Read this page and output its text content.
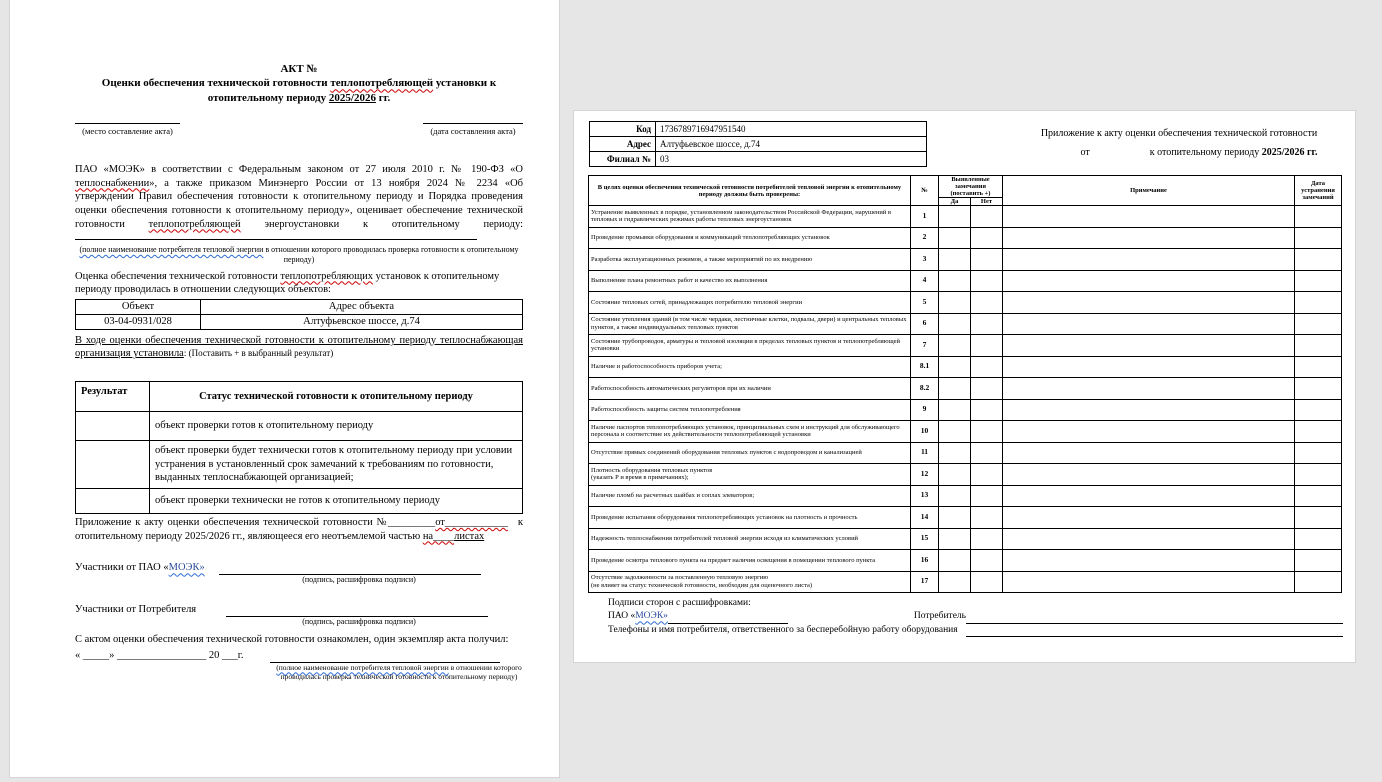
АКТ №
Оценки обеспечения технической готовности теплопотребляющей установки к
отопительному периоду 2025/2026 гг.
(место составление акта)	(дата составления акта)
ПАО «МОЭК» в соответствии с Федеральным законом от 27 июля 2010 г. № 190-ФЗ «О теплоснабжении», а также приказом Минэнерго России от 13 ноября 2024 № 2234 «Об утверждении Правил обеспечения готовности к отопительному периоду и Порядка проведения оценки обеспечения готовности к отопительному периоду», оценивает обеспечение технической готовности теплопотребляющей энергоустановки к отопительному периоду:
(полное наименование потребителя тепловой энергии в отношении которого проводилась проверка готовности к отопительному периоду)
Оценка обеспечения технической готовности теплопотребляющих установок к отопительному периоду проводилась в отношении следующих объектов:
Объект	Адрес объекта
03-04-0931/028	Алтуфьевское шоссе, д.74
В ходе оценки обеспечения технической готовности к отопительному периоду теплоснабжающая организация установила: (Поставить + в выбранный результат)
Результат	Статус технической готовности к отопительному периоду
	объект проверки готов к отопительному периоду
	объект проверки будет технически готов к отопительному периоду при условии устранения в установленный срок замечаний к требованиям по готовности, выданных теплоснабжающей организацией;
	объект проверки технически не готов к отопительному периоду
Приложение к акту оценки обеспечения технической готовности №_________от____________ к отопительному периоду 2025/2026 гг., являющееся его неотъемлемой частью на____листах
Участники от ПАО « МОЭК»
(подпись, расшифровка подписи)
Участники от Потребителя
(подпись, расшифровка подписи)
С актом оценки обеспечения технической готовности ознакомлен, один экземпляр акта получил:
« _____» _________________ 20 ___г.
(полное наименование потребителя тепловой энергии в отношении которого проводилась проверка технической готовности к отопительному периоду)
Код	1736789716947951540
Адрес	Алтуфьевское шоссе, д.74
Филиал №	03
Приложение к акту оценки обеспечения технической готовности
от	к отопительному периоду 2025/2026 гг.
В целях оценки обеспечения технической готовности потребителей тепловой энергии к отопительному периоду должны быть проверены:	№	Выявленные замечания (поставить +)		Примечание	Дата устранения замечаний
		Да	Нет		
Устранение выявленных в порядке, установленном законодательством Российской Федерации, нарушений в тепловых и гидравлических режимах работы тепловых энергоустановок	1				
Проведение промывки оборудования и коммуникаций теплопотребляющих установок	2				
Разработка эксплуатационных режимов, а также мероприятий по их внедрению	3				
Выполнение плана ремонтных работ и качество их выполнения	4				
Состояние тепловых сетей, принадлежащих потребителю тепловой энергии	5				
Состояние утепления зданий (в том числе чердаки, лестничные клетки, подвалы, двери) и центральных тепловых пунктов, а также индивидуальных тепловых пунктов	6				
Состояние трубопроводов, арматуры и тепловой изоляции в пределах тепловых пунктов и теплопотребляющей установки	7				
Наличие и работоспособность приборов учета;	8.1				
Работоспособность автоматических регуляторов при их наличии	8.2				
Работоспособность защиты систем теплопотребления	9				
Наличие паспортов теплопотребляющих установок, принципиальных схем и инструкций для обслуживающего персонала и соответствие их действительности теплопотребляющей установки	10				
Отсутствие прямых соединений оборудования тепловых пунктов с водопроводом и канализацией	11				
Плотность оборудования тепловых пунктов
(указать Р и время в примечаниях);	12				
Наличие пломб на расчетных шайбах и соплах элеваторов;	13				
Проведение испытания оборудования теплопотребляющих установок на плотность и прочность	14				
Надежность теплоснабжения потребителей тепловой энергии исходя из климатических условий	15				
Проведение осмотра теплового пункта на предмет наличия освещения в помещении теплового пункта	16				
Отсутствие задолженности за поставленную тепловую энергию
(не влияет на статус технической готовности, необходим для оценочного листа)	17				
Подписи сторон с расшифровками:
ПАО « МОЭК»	Потребитель
Телефоны и имя потребителя, ответственного за бесперебойную работу оборудования
